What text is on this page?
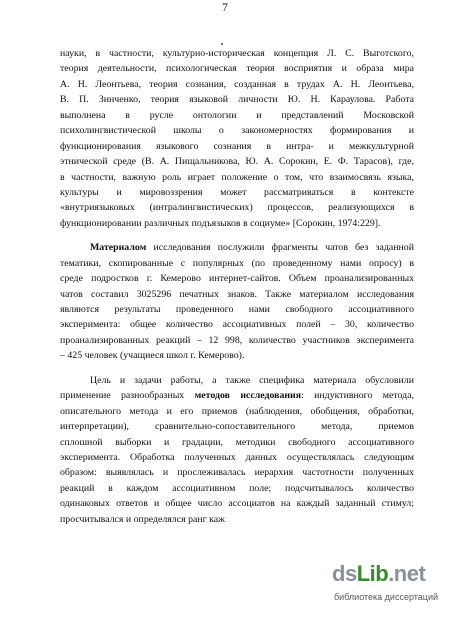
7

науки, в частности, культурно-историческая концепция Л. С. Выготского,
теория деятельности, психологическая теория восприятия и образа мира
А. Н. Леонтьева, теория сознания, созданная в трудах А. Н. Леонтьева,
В. П. Зинченко, теория языковой личности Ю. Н. Караулова. Работа
выполнена в русле онтологии и представлений Московской
психолингвистической школы о закономерностях формирования и
функционирования языкового сознания в интра- и межкультурной
этнической среде (В. А. Пищальникова, Ю. А. Сорокин, Е. Ф. Тарасов), где,
в частности, важную роль играет положение о том, что взаимосвязь языка,
культуры и мировоззрения может рассматриваться в контексте
«внутриязыковых (интралингвистических) процессов, реализующихся в
функционировании различных подъязыков в социуме» [Сорокин, 1974:229].

Материалом исследования послужили фрагменты чатов без заданной
тематики, скопированные с популярных (по проведенному нами опросу) в
среде подростков г. Кемерово интернет-сайтов. Объем проанализированных
чатов составил 3025296 печатных знаков. Также материалом исследования
являются результаты проведенного нами свободного ассоциативного
эксперимента: общее количество ассоциативных полей – 30, количество
проанализированных реакций – 12 998, количество участников эксперимента
– 425 человек (учащиеся школ г. Кемерово).

Цель и задачи работы, а также специфика материала обусловили
применение разнообразных методов исследования: индуктивного метода,
описательного метода и его приемов (наблюдения, обобщения, обработки,
интерпретации), сравнительно-сопоставительного метода, приемов
сплошной выборки и градации, методики свободного ассоциативного
эксперимента. Обработка полученных данных осуществлялась следующим
образом: выявлялась и прослеживалась иерархия частотности полученных
реакций в каждом ассоциативном поле; подсчитывалось количество
одинаковых ответов и общее число ассоциатов на каждый заданный стимул;
просчитывался и определялся ранг каж

dsLib.net
библиотека диссертаций
